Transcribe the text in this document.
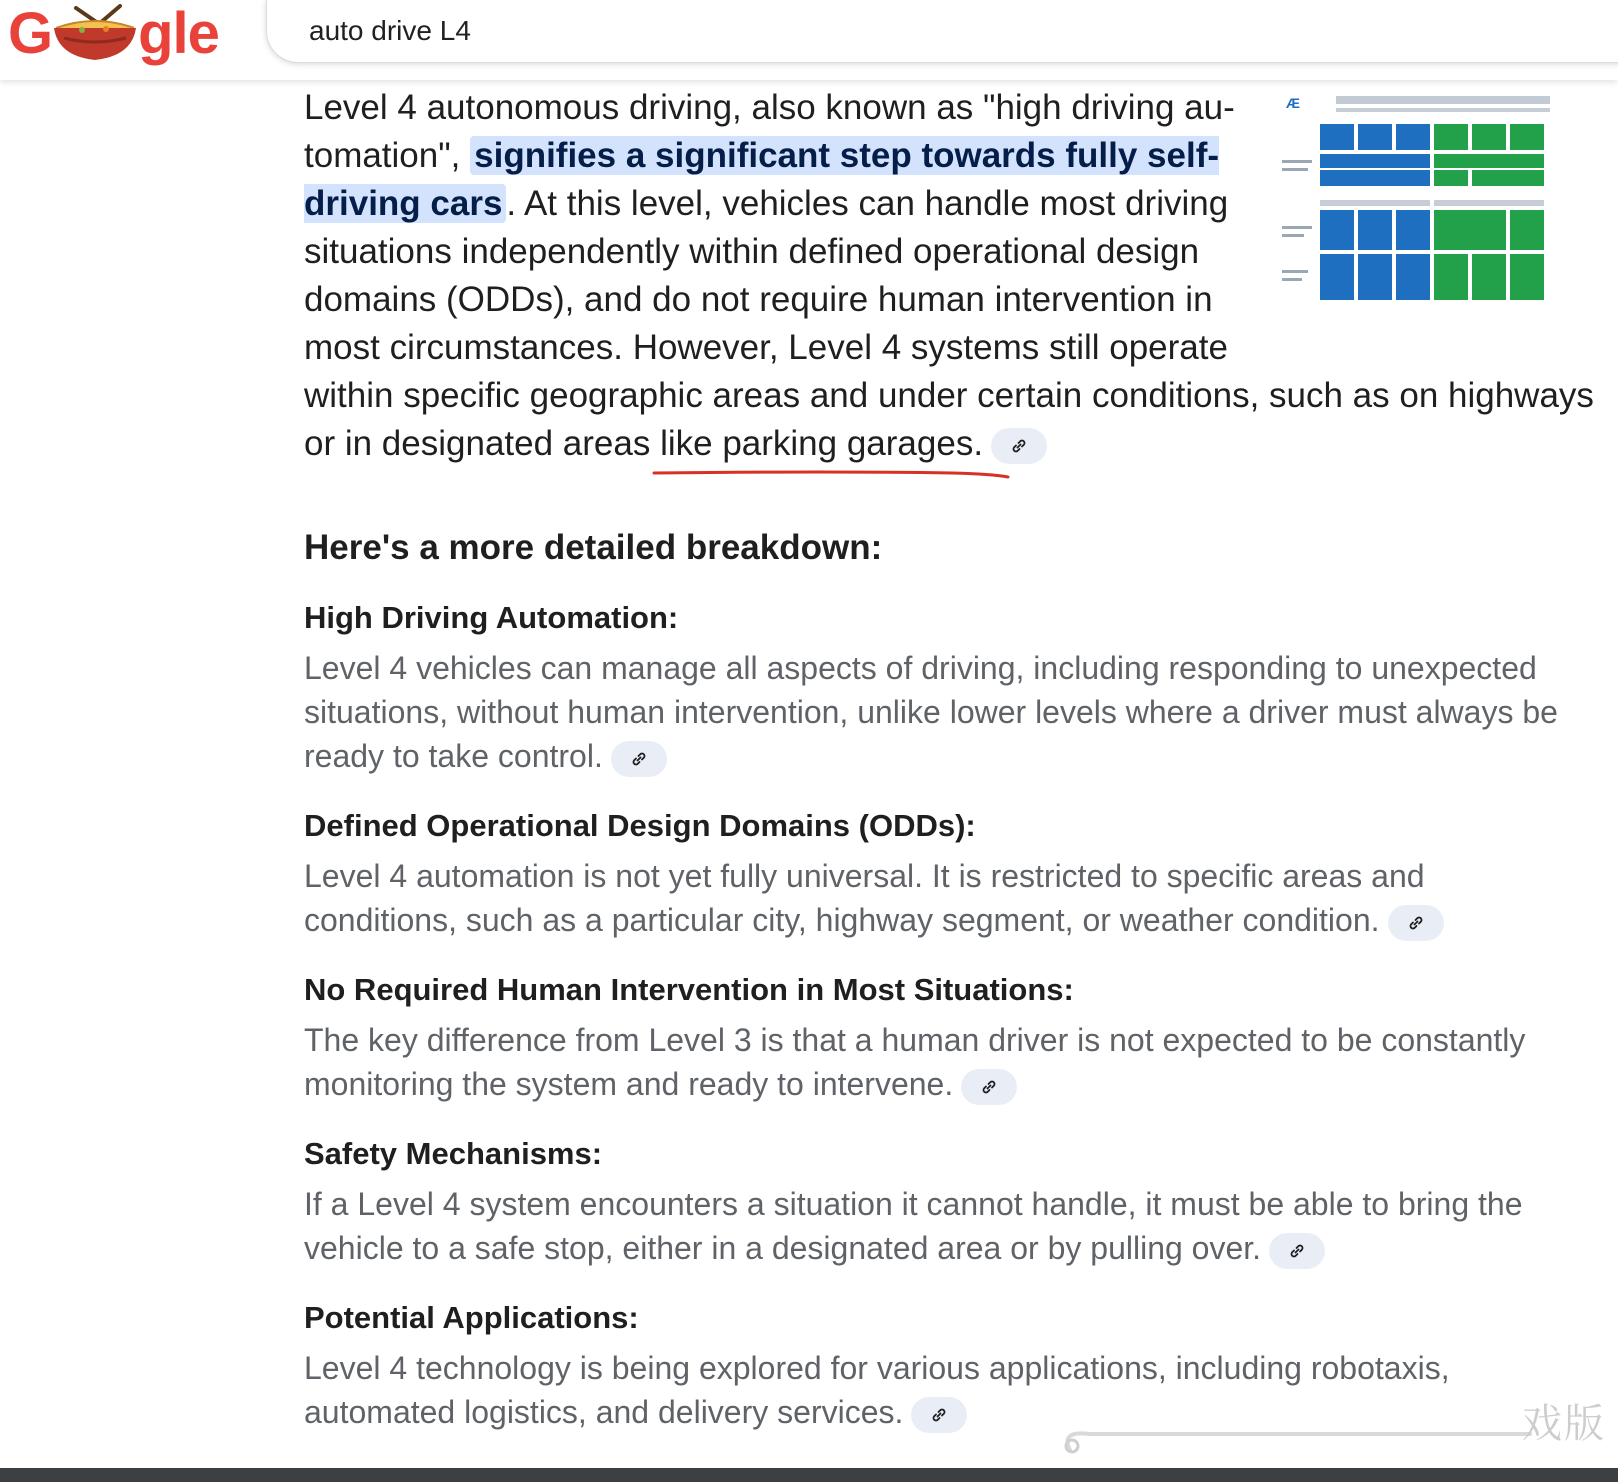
G gle
auto drive L4
Æ

Level 4 autonomous driving, also known as "high driving au-tomation", signifies a significant step towards fully self-driving cars . At this level, vehicles can handle most driving situations independently within defined operational design domains (ODDs), and do not require human intervention in most circumstances. However, Level 4 systems still operate
within specific geographic areas and under certain conditions, such as on highways or in designated areas like parking garages.

Here's a more detailed breakdown:
High Driving Automation:

Level 4 vehicles can manage all aspects of driving, including responding to unexpected situations, without human intervention, unlike lower levels where a driver must always be ready to take control.

Defined Operational Design Domains (ODDs):

Level 4 automation is not yet fully universal. It is restricted to specific areas and conditions, such as a particular city, highway segment, or weather condition.

No Required Human Intervention in Most Situations:

The key difference from Level 3 is that a human driver is not expected to be constantly monitoring the system and ready to intervene.

Safety Mechanisms:

If a Level 4 system encounters a situation it cannot handle, it must be able to bring the vehicle to a safe stop, either in a designated area or by pulling over.

Potential Applications:

Level 4 technology is being explored for various applications, including robotaxis, automated logistics, and delivery services.	戏版
